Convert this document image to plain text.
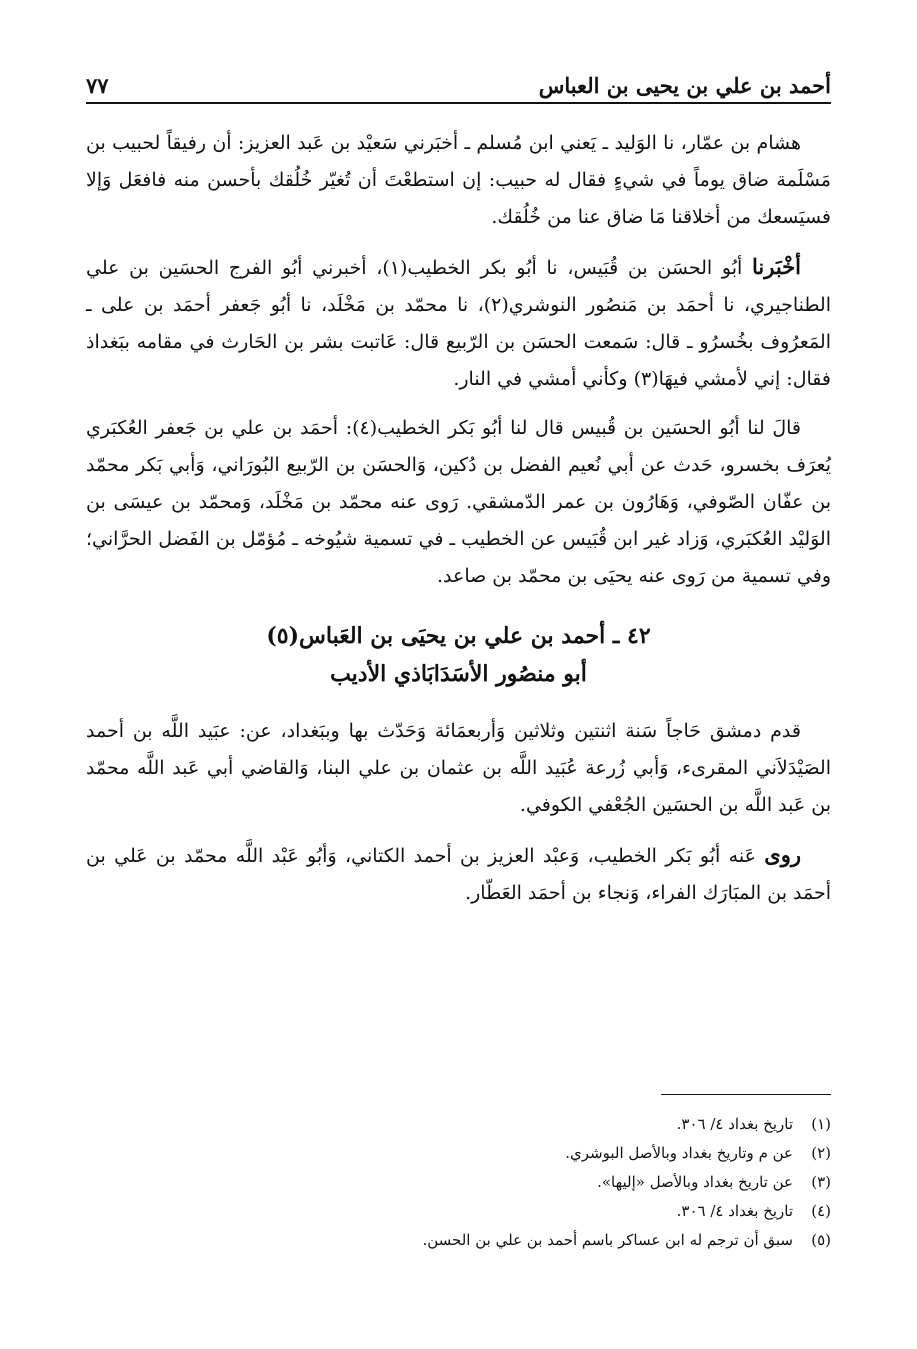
٧٧	أحمد بن علي بن يحيى بن العباس

هشام بن عمّار، نا الوَليد ـ يَعني ابن مُسلم ـ أخبَرني سَعيْد بن عَبد العزيز: أن رفيقاً لحبيب بن مَسْلَمة ضاق يوماً في شيءٍ فقال له حبيب: إن استطعْتَ أن تُغيّر خُلُقك بأحسن منه فافعَل وَإلا فسيَسعك من أخلاقنا مَا ضاق عنا من خُلُقك.

أخْبَرنا أبُو الحسَن بن قُبَيس، نا أبُو بكر الخطيب(١)، أخبرني أبُو الفرج الحسَين بن علي الطناجيري، نا أحمَد بن مَنصُور النوشري(٢)، نا محمّد بن مَخْلَد، نا أبُو جَعفر أحمَد بن على ـ المَعرُوف بخُسرُو ـ قال: سَمعت الحسَن بن الرّبيع قال: عَاتبت بشر بن الحَارث في مقامه ببَغداذ فقال: إني لأمشي فيهَا(٣) وكأني أمشي في النار.

قالَ لنا أبُو الحسَين بن قُبيس قال لنا أبُو بَكر الخطيب(٤): أحمَد بن علي بن جَعفر العُكبَري يُعرَف بخسرو، حَدث عن أبي نُعيم الفضل بن دُكين، وَالحسَن بن الرّبيع البُورَاني، وَأبي بَكر محمّد بن عفّان الصّوفي، وَهَارُون بن عمر الدّمشقي. رَوى عنه محمّد بن مَخْلَد، وَمحمّد بن عيسَى بن الوَليْد العُكبَري، وَزاد غير ابن قُبَيس عن الخطيب ـ في تسمية شيُوخه ـ مُؤمّل بن الفَضل الحرَّاني؛ وفي تسمية من رَوى عنه يحيَى بن محمّد بن صاعد.

٤٢ ـ أحمد بن علي بن يحيَى بن العَباس(٥)
أبو منصُور الأسَدَابَاذي الأديب

قدم دمشق حَاجاً سَنة اثنتين وثلاثين وَأربعمَائة وَحَدّث بها وببَغداد، عن: عبَيد اللَّه بن أحمد الصَيْدَلاَني المقرىء، وَأبي زُرعة عُبَيد اللَّه بن عثمان بن علي البنا، وَالقاضي أبي عَبد اللَّه محمّد بن عَبد اللَّه بن الحسَين الجُعْفي الكوفي.

روى عَنه أبُو بَكر الخطيب، وَعبْد العزيز بن أحمد الكتاني، وَأبُو عَبْد اللَّه محمّد بن عَلي بن أحمَد بن المبَارَك الفراء، وَنجاء بن أحمَد العَطّار.

(١)
تاريخ بغداد ٤/ ٣٠٦.
(٢)
عن م وتاريخ بغداد وبالأصل البوشري.
(٣)
عن تاريخ بغداد وبالأصل «إليها».
(٤)
تاريخ بغداد ٤/ ٣٠٦.
(٥)
سبق أن ترجم له ابن عساكر باسم أحمد بن علي بن الحسن.
